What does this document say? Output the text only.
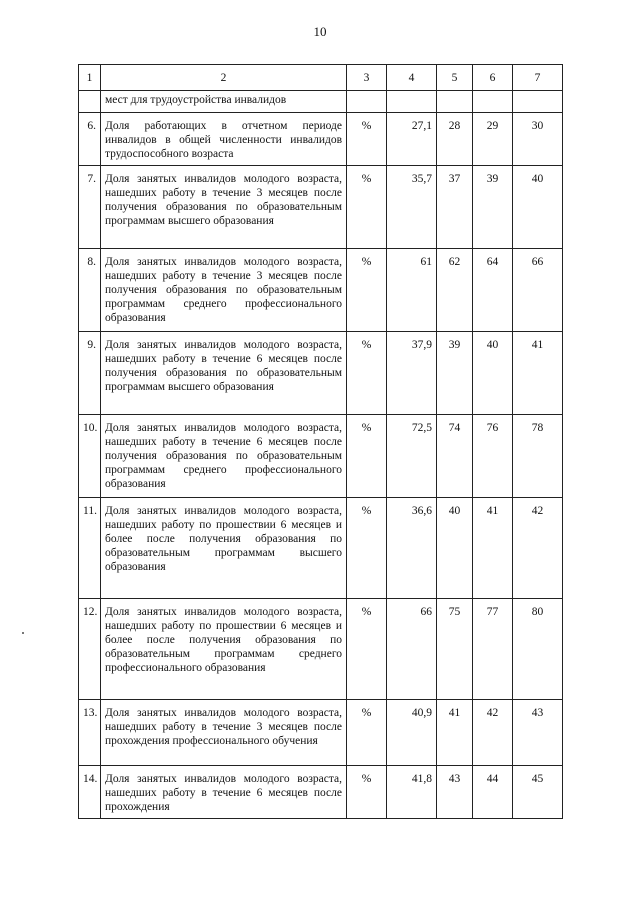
10
1	2	3	4	5	6	7
	мест для трудоустройства инвалидов					
6.	Доля работающих в отчетном периоде инвалидов в общей численности инвалидов трудоспособного возраста	%	27,1	28	29	30
7.	Доля занятых инвалидов молодого возраста, нашедших работу в течение 3 месяцев после получения образования по образовательным программам высшего образования	%	35,7	37	39	40
8.	Доля занятых инвалидов молодого возраста, нашедших работу в течение 3 месяцев после получения образования по образовательным программам среднего профессионального образования	%	61	62	64	66
9.	Доля занятых инвалидов молодого возраста, нашедших работу в течение 6 месяцев после получения образования по образовательным программам высшего образования	%	37,9	39	40	41
10.	Доля занятых инвалидов молодого возраста, нашедших работу в течение 6 месяцев после получения образования по образовательным программам среднего профессионального образования	%	72,5	74	76	78
11.	Доля занятых инвалидов молодого возраста, нашедших работу по прошествии 6 месяцев и более после получения образования по образовательным программам высшего образования	%	36,6	40	41	42
12.	Доля занятых инвалидов молодого возраста, нашедших работу по прошествии 6 месяцев и более после получения образования по образовательным программам среднего профессионального образования	%	66	75	77	80
13.	Доля занятых инвалидов молодого возраста, нашедших работу в течение 3 месяцев после прохождения профессионального обучения	%	40,9	41	42	43
14.	Доля занятых инвалидов молодого возраста, нашедших работу в течение 6 месяцев после прохождения	%	41,8	43	44	45
